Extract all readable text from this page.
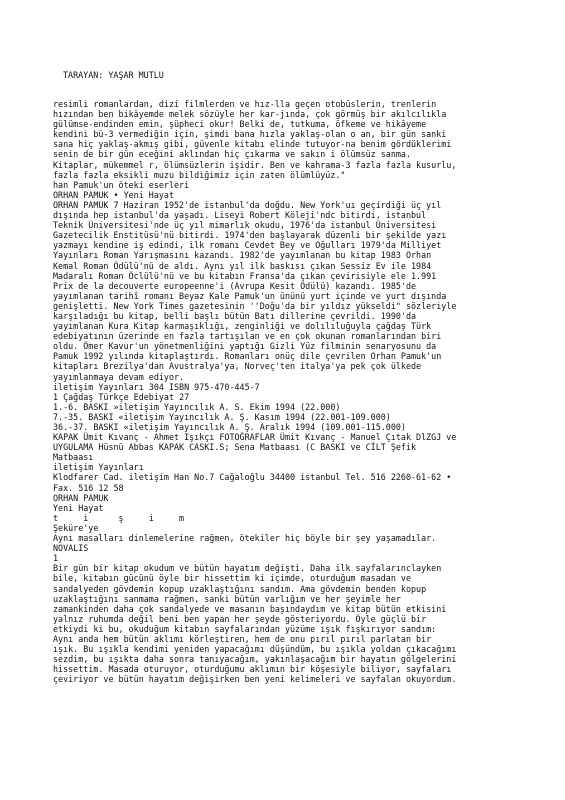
TARAYAN: YAŞAR MUTLU
resimli romanlardan, dizi filmlerden ve hız-lla geçen otobüslerin, trenlerin
hızından ben bikâyemde melek sözüyle her kar-jında, çok görmüş bir akılcılıkla
gülümse-endinden emin, şüpheci okur! Belki de, tutkuma, öfkeme ve hikâyeme
kendini bü-3 vermediğin için, şimdi bana hızla yaklaş-olan o an, bir gün sanki
sana hiç yaklaş-akmış gibi, güvenle kitabı elinde tutuyor-na benim gördüklerimi
senin de bir gün eceğini aklından hiç çıkarma ve sakın i ölümsüz sanma.
Kitaplar, mükemmel r, ölümsüzlerin işidir. Ben ve kahrama-3 fazla fazla kusurlu,
fazla fazla eksikli muzu bildiğimiz için zaten ölümlüyüz."
han Pamuk'un öteki eserleri
ORHAN PAMUK • Yeni Hayat
ORHAN PAMUK 7 Haziran 1952'de istanbul'da doğdu. New York'uı geçirdiği üç yıl
dışında hep istanbul'da yaşadı. Liseyi Robert Köleji'ndc bitirdi, istanbul
Teknik Üniversitesi'nde üç yıl mimarlık okudu, 1976'da istanbul Üniversitesi
Gazetecilik Enstitüsü'nü bitirdi. 1974'den başlayarak düzenli bir şekilde yazı
yazmayı kendine iş edindi, ilk romanı Cevdet Bey ve Oğulları 1979'da Milliyet
Yayınları Roman Yarışmasını kazandı. 1982'de yayımlanan bu kitap 1983 Orhan
Kemal Roman Ödülü'nü de aldı. Aynı yıl ilk baskısı çıkan Sessiz Ev ile 1984
Madaralı Roman Öclülü'nü ve bu kitabın Fransa'da çıkan çevirisiyle ele 1.991
Prix de la decouverte europeenne'i (Avrupa Kesit Ödülü) kazandı. 1985'de
yayımlanan tarihî romanı Beyaz Kale Pamuk'un ününü yurt içinde ve yurt dışında
genişletti. New York Times gazetesinin ''Doğu'da bir yıldız yükseldi" sözleriyle
karşıladığı bu kitap, belli başlı bütün Batı dillerine çevrildi. 1990'da
yayımlanan Kura Kitap karmaşıklığı, zenginliği ve dolılıluğuyla çağdaş Türk
edebiyatının üzerinde en fazla tartışılan ve en çok okunan romanlarından biri
oldu. Ömer Kavur'un yönetmenliğini yaptığı Gizli Yüz filminin senaryosunu da
Pamuk 1992 yılında kitaplaştırdı. Romanları onüç dile çevrilen Orhan Pamuk'un
kitapları Brezilya'dan Avustralya'ya, Norveç'ten italya'ya pek çok ülkede
yayımlanmaya devam ediyor.
iletişim Yayınları 304 ISBN 975-470-445-7
1 Çağdaş Türkçe Edebiyat 27
1.-6. BASKI »iletişim Yayıncılık A. S. Ekim 1994 (22.000)
7.-35. BASKI «iletişim Yayıncılık A. Ş. Kasım 1994 (22.001-109.000)
36.-37. BASKI «iletişim Yayıncılık A. Ş. Aralık 1994 (109.001-115.000)
KAPAK Ümit Kıvanç - Ahmet Işıkçı FOTOĞRAFLAR Ümit Kıvanç - Manuel Çıtak DlZGJ ve
UYGULAMA Hüsnü Abbas KAPAK CASKI.S; Sena Matbaası (C BASKI ve CİLT Şefik
Matbaası
iletişim Yayınları
Klodfarer Cad. iletişim Han No.7 Cağaloğlu 34400 istanbul Tel. 516 2260-61-62 •
Fax. 516 12 58
ORHAN PAMUK
Yeni Hayat
t     i      ş     i     m
Şeküre'ye
Aynı masalları dinlemelerine rağmen, ötekiler hiç böyle bir şey yaşamadılar.
NOVALIS
1
Bir gün bir kitap okudum ve bütün hayatım değişti. Daha ilk sayfalarınclayken
bile, kitabın gücünü öyle bir hissettim ki içimde, oturduğum masadan ve
sandalyeden gövdemin kopup uzaklaştığını sandım. Ama gövdemin benden kopup
uzaklaştığını sanmama rağmen, sanki bütün varlığım ve her şeyimle her
zamankinden daha çok sandalyede ve masanın başındaydım ve kitap bütün etkisini
yalnız ruhumda değil beni ben yapan her şeyde gösteriyordu. Öyle güçlü bir
etkiydi ki bu, okuduğum kitabın sayfalarından yüzüme ışık fışkırıyor sandım:
Aynı anda hem bütün aklımı körleştiren, hem de onu pırıl pırıl parlatan bir
ışık. Bu ışıkla kendimi yeniden yapacağımı düşündüm, bu ışıkla yoldan çıkacağımı
sezdim, bu ışıkta daha sonra tanıyacağım, yakınlaşacağım bir hayatın gölgelerini
hissettim. Masada oturuyor, oturduğumu aklımın bir köşesiyle biliyor, sayfaları
çeviriyor ve bütün hayatım değişirken ben yeni kelimeleri ve sayfalan okuyordum.
